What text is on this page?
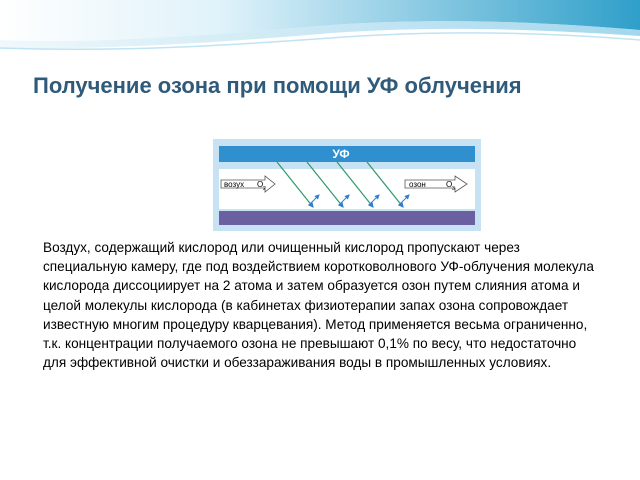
Получение озона при помощи УФ облучения
УФ
возух O 2	озон	O 3
Воздух, содержащий кислород или очищенный кислород пропускают через специальную камеру, где под воздействием коротковолнового УФ-облучения молекула кислорода диссоциирует на 2 атома и затем образуется озон путем слияния атома и целой молекулы кислорода (в кабинетах физиотерапии запах озона сопровождает известную многим процедуру кварцевания). Метод применяется весьма ограниченно, т.к. концентрации получаемого озона не превышают 0,1% по весу, что недостаточно для эффективной очистки и обеззараживания воды в промышленных условиях.
